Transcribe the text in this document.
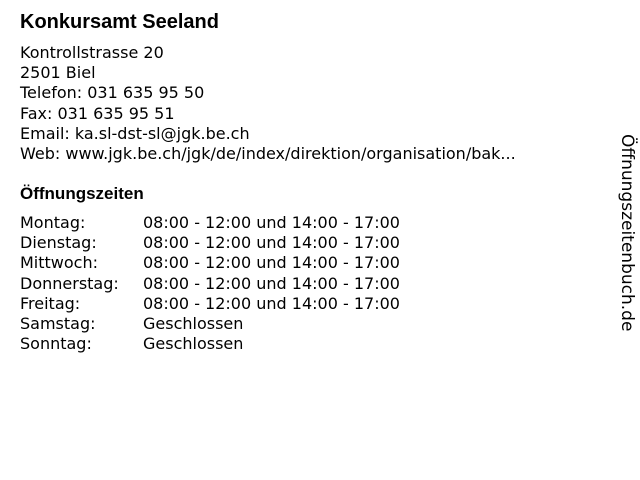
Konkursamt Seeland
Kontrollstrasse 20
2501 Biel
Telefon: 031 635 95 50
Fax: 031 635 95 51
Email: ka.sl-dst-sl@jgk.be.ch
Web: www.jgk.be.ch/jgk/de/index/direktion/organisation/bak...
Öffnungszeiten
Montag:	08:00 - 12:00 und 14:00 - 17:00
Dienstag:	08:00 - 12:00 und 14:00 - 17:00
Mittwoch:	08:00 - 12:00 und 14:00 - 17:00
Donnerstag:	08:00 - 12:00 und 14:00 - 17:00
Freitag:	08:00 - 12:00 und 14:00 - 17:00
Samstag:	Geschlossen
Sonntag:	Geschlossen
Öffnungszeitenbuch.de
